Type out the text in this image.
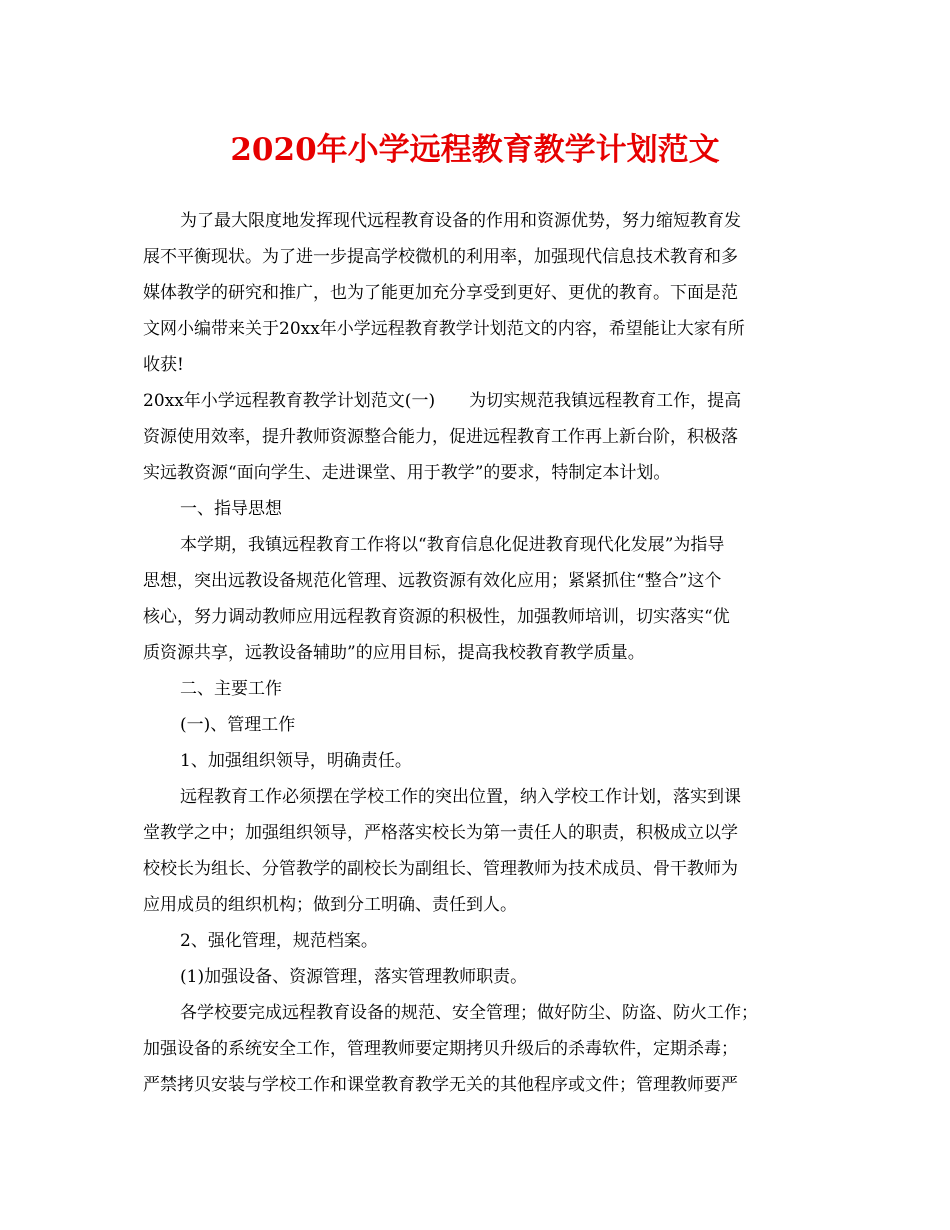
2020年小学远程教育教学计划范文
为了最大限度地发挥现代远程教育设备的作用和资源优势，努力缩短教育发
展不平衡现状。为了进一步提高学校微机的利用率，加强现代信息技术教育和多
媒体教学的研究和推广，也为了能更加充分享受到更好、更优的教育。下面是范
文网小编带来关于20xx年小学远程教育教学计划范文的内容，希望能让大家有所
收获!
20xx年小学远程教育教学计划范文(一) 为切实规范我镇远程教育工作，提高
资源使用效率，提升教师资源整合能力，促进远程教育工作再上新台阶，积极落
实远教资源“面向学生、走进课堂、用于教学”的要求，特制定本计划。
一、指导思想
本学期，我镇远程教育工作将以“教育信息化促进教育现代化发展”为指导
思想，突出远教设备规范化管理、远教资源有效化应用；紧紧抓住“整合”这个
核心，努力调动教师应用远程教育资源的积极性，加强教师培训，切实落实“优
质资源共享，远教设备辅助”的应用目标，提高我校教育教学质量。
二、主要工作
(一)、管理工作
1、加强组织领导，明确责任。
远程教育工作必须摆在学校工作的突出位置，纳入学校工作计划，落实到课
堂教学之中；加强组织领导，严格落实校长为第一责任人的职责，积极成立以学
校校长为组长、分管教学的副校长为副组长、管理教师为技术成员、骨干教师为
应用成员的组织机构；做到分工明确、责任到人。
2、强化管理，规范档案。
(1)加强设备、资源管理，落实管理教师职责。
各学校要完成远程教育设备的规范、安全管理；做好防尘、防盗、防火工作；
加强设备的系统安全工作，管理教师要定期拷贝升级后的杀毒软件，定期杀毒；
严禁拷贝安装与学校工作和课堂教育教学无关的其他程序或文件；管理教师要严
